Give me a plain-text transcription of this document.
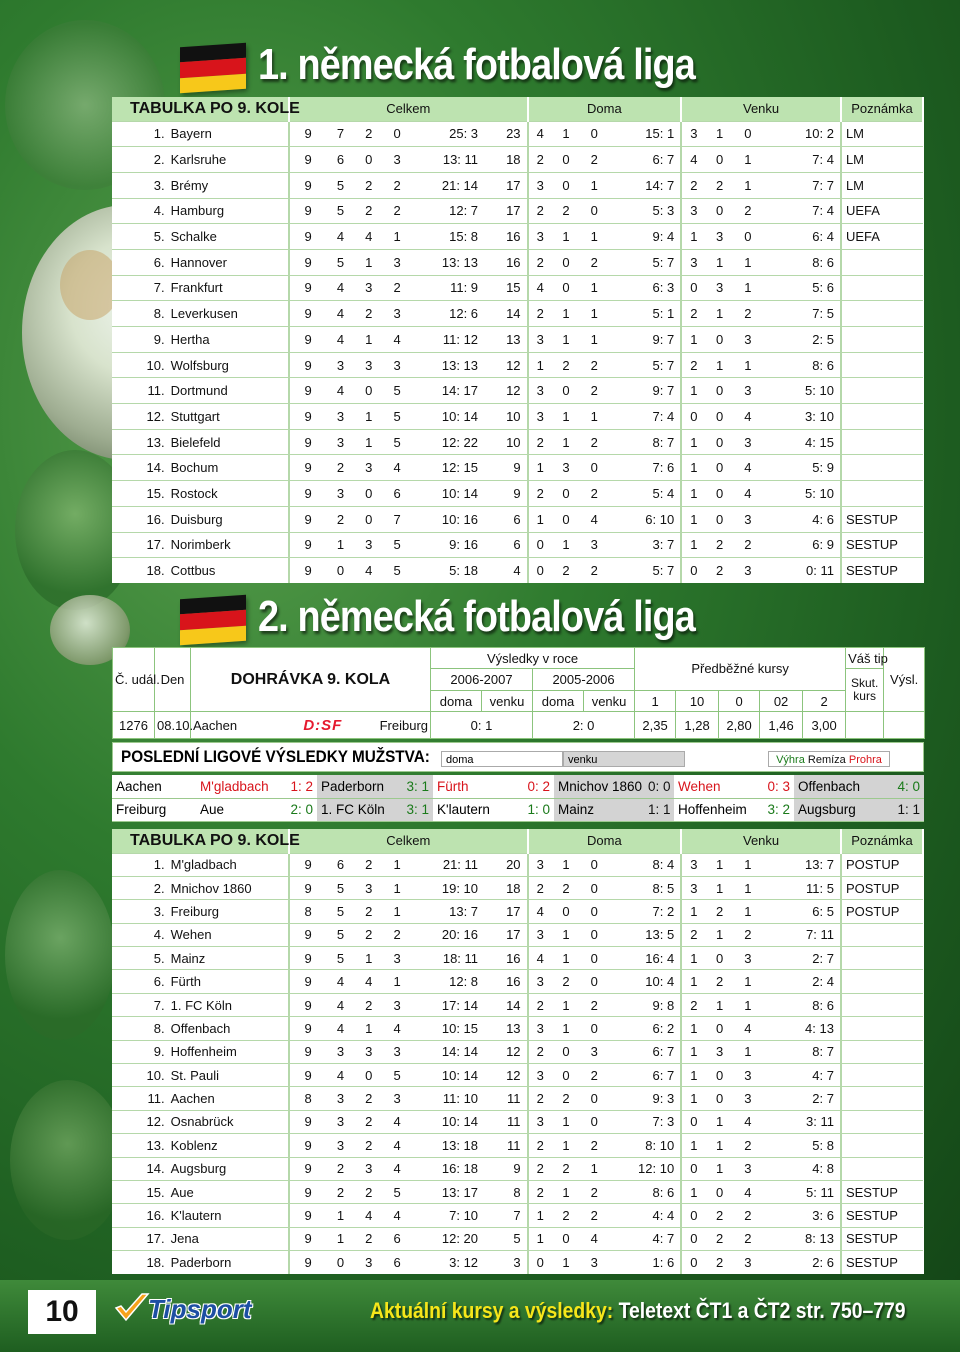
1. německá fotbalová liga
TABULKA PO 9. KOLE		Celkem						Doma				Venku				Poznámka
1.	Bayern	9	7	2	0	25: 3	23	4	1	0	15: 1	3	1	0	10: 2	LM
2.	Karlsruhe	9	6	0	3	13: 11	18	2	0	2	6: 7	4	0	1	7: 4	LM
3.	Brémy	9	5	2	2	21: 14	17	3	0	1	14: 7	2	2	1	7: 7	LM
4.	Hamburg	9	5	2	2	12: 7	17	2	2	0	5: 3	3	0	2	7: 4	UEFA
5.	Schalke	9	4	4	1	15: 8	16	3	1	1	9: 4	1	3	0	6: 4	UEFA
6.	Hannover	9	5	1	3	13: 13	16	2	0	2	5: 7	3	1	1	8: 6	
7.	Frankfurt	9	4	3	2	11: 9	15	4	0	1	6: 3	0	3	1	5: 6	
8.	Leverkusen	9	4	2	3	12: 6	14	2	1	1	5: 1	2	1	2	7: 5	
9.	Hertha	9	4	1	4	11: 12	13	3	1	1	9: 7	1	0	3	2: 5	
10.	Wolfsburg	9	3	3	3	13: 13	12	1	2	2	5: 7	2	1	1	8: 6	
11.	Dortmund	9	4	0	5	14: 17	12	3	0	2	9: 7	1	0	3	5: 10	
12.	Stuttgart	9	3	1	5	10: 14	10	3	1	1	7: 4	0	0	4	3: 10	
13.	Bielefeld	9	3	1	5	12: 22	10	2	1	2	8: 7	1	0	3	4: 15	
14.	Bochum	9	2	3	4	12: 15	9	1	3	0	7: 6	1	0	4	5: 9	
15.	Rostock	9	3	0	6	10: 14	9	2	0	2	5: 4	1	0	4	5: 10	
16.	Duisburg	9	2	0	7	10: 16	6	1	0	4	6: 10	1	0	3	4: 6	SESTUP
17.	Norimberk	9	1	3	5	9: 16	6	0	1	3	3: 7	1	2	2	6: 9	SESTUP
18.	Cottbus	9	0	4	5	5: 18	4	0	2	2	5: 7	0	2	3	0: 11	SESTUP
2. německá fotbalová liga
Č. udál.	Den	DOHRÁVKA 9. KOLA		Výsledky v roce				Předběžné kursy					Váš tip	Výsl.
				2006-2007		2005-2006							Skut. kurs	
				doma	venku	doma	venku	1	10	0	02	2		
1276	08.10.	Aachen	D:SF Freiburg	0: 1		2: 0		2,35	1,28	2,80	1,46	3,00		
POSLEDNÍ LIGOVÉ VÝSLEDKY MUŽSTVA:	doma	venku	Výhra Remíza Prohra
Aachen	M'gladbach	1: 2	Paderborn	3: 1	Fürth	0: 2	Mnichov 1860	0: 0	Wehen	0: 3	Offenbach	4: 0
Freiburg	Aue	2: 0	1. FC Köln	3: 1	K'lautern	1: 0	Mainz	1: 1	Hoffenheim	3: 2	Augsburg	1: 1
TABULKA PO 9. KOLE		Celkem						Doma				Venku				Poznámka
1.	M'gladbach	9	6	2	1	21: 11	20	3	1	0	8: 4	3	1	1	13: 7	POSTUP
2.	Mnichov 1860	9	5	3	1	19: 10	18	2	2	0	8: 5	3	1	1	11: 5	POSTUP
3.	Freiburg	8	5	2	1	13: 7	17	4	0	0	7: 2	1	2	1	6: 5	POSTUP
4.	Wehen	9	5	2	2	20: 16	17	3	1	0	13: 5	2	1	2	7: 11	
5.	Mainz	9	5	1	3	18: 11	16	4	1	0	16: 4	1	0	3	2: 7	
6.	Fürth	9	4	4	1	12: 8	16	3	2	0	10: 4	1	2	1	2: 4	
7.	1. FC Köln	9	4	2	3	17: 14	14	2	1	2	9: 8	2	1	1	8: 6	
8.	Offenbach	9	4	1	4	10: 15	13	3	1	0	6: 2	1	0	4	4: 13	
9.	Hoffenheim	9	3	3	3	14: 14	12	2	0	3	6: 7	1	3	1	8: 7	
10.	St. Pauli	9	4	0	5	10: 14	12	3	0	2	6: 7	1	0	3	4: 7	
11.	Aachen	8	3	2	3	11: 10	11	2	2	0	9: 3	1	0	3	2: 7	
12.	Osnabrück	9	3	2	4	10: 14	11	3	1	0	7: 3	0	1	4	3: 11	
13.	Koblenz	9	3	2	4	13: 18	11	2	1	2	8: 10	1	1	2	5: 8	
14.	Augsburg	9	2	3	4	16: 18	9	2	2	1	12: 10	0	1	3	4: 8	
15.	Aue	9	2	2	5	13: 17	8	2	1	2	8: 6	1	0	4	5: 11	SESTUP
16.	K'lautern	9	1	4	4	7: 10	7	1	2	2	4: 4	0	2	2	3: 6	SESTUP
17.	Jena	9	1	2	6	12: 20	5	1	0	4	4: 7	0	2	2	8: 13	SESTUP
18.	Paderborn	9	0	3	6	3: 12	3	0	1	3	1: 6	0	2	3	2: 6	SESTUP
10	Tipsport	Aktuální kursy a výsledky: Teletext ČT1 a ČT2 str. 750–779
